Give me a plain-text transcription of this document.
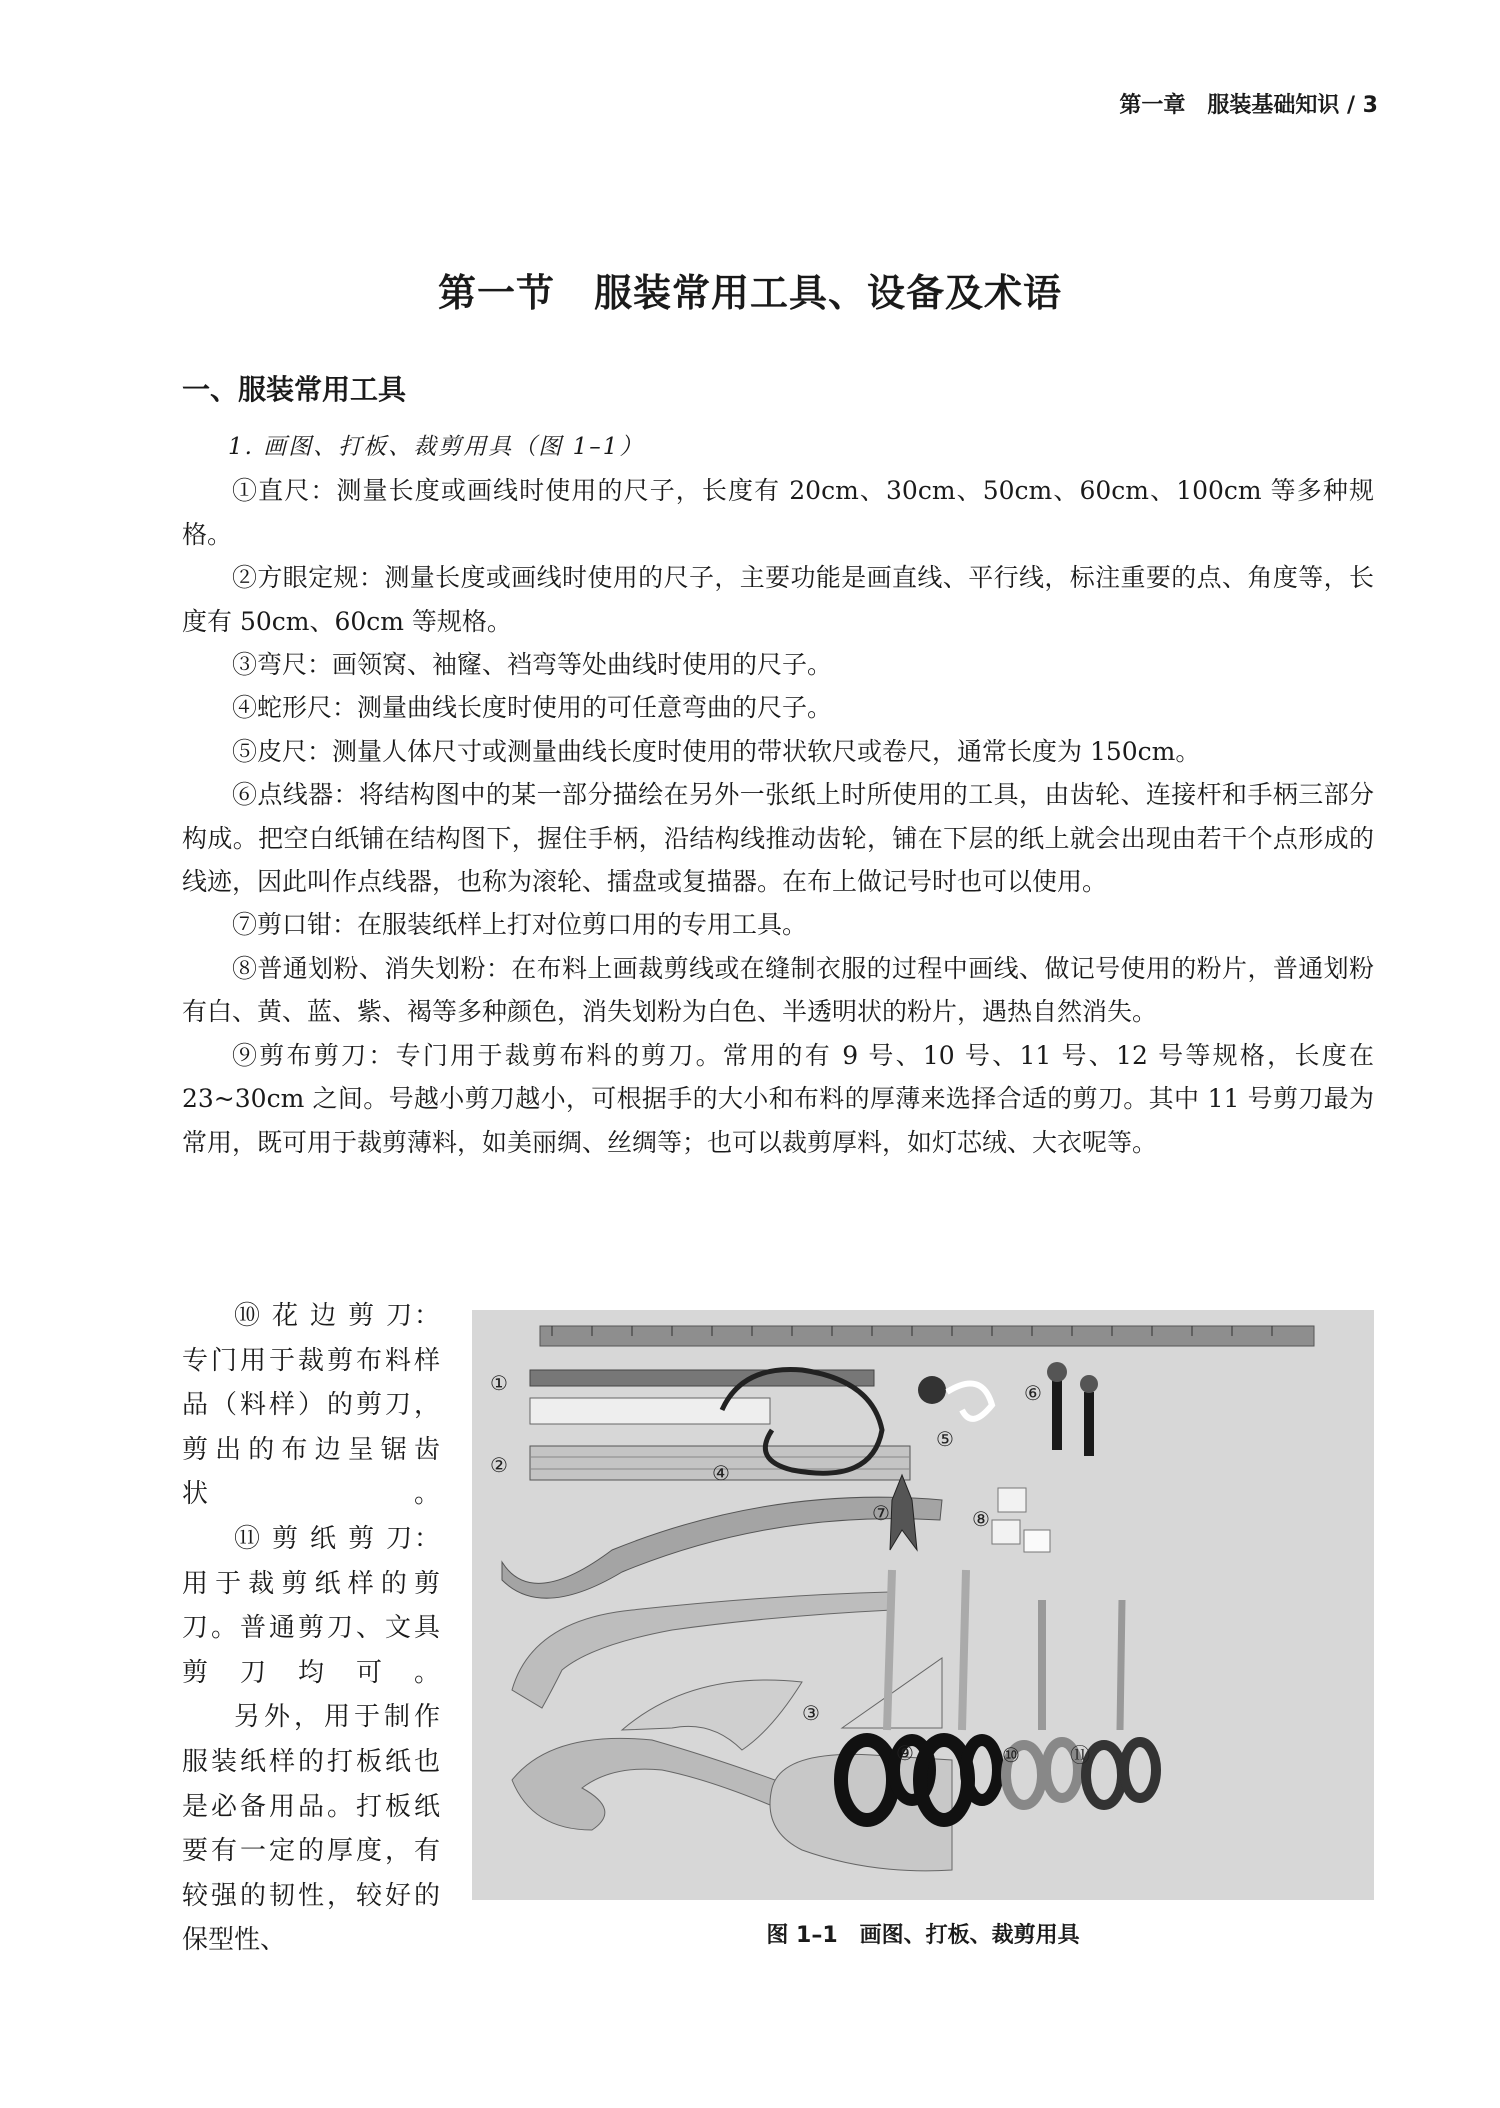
第一章　服装基础知识 / 3
第一节　服装常用工具、设备及术语
一、服装常用工具

1. 画图、打板、裁剪用具（图 1–1）

①直尺：测量长度或画线时使用的尺子，长度有 20cm、30cm、50cm、60cm、100cm 等多种规格。

②方眼定规：测量长度或画线时使用的尺子，主要功能是画直线、平行线，标注重要的点、角度等，长度有 50cm、60cm 等规格。

③弯尺：画领窝、袖窿、裆弯等处曲线时使用的尺子。

④蛇形尺：测量曲线长度时使用的可任意弯曲的尺子。

⑤皮尺：测量人体尺寸或测量曲线长度时使用的带状软尺或卷尺，通常长度为 150cm。

⑥点线器：将结构图中的某一部分描绘在另外一张纸上时所使用的工具，由齿轮、连接杆和手柄三部分构成。把空白纸铺在结构图下，握住手柄，沿结构线推动齿轮，铺在下层的纸上就会出现由若干个点形成的线迹，因此叫作点线器，也称为滚轮、擂盘或复描器。在布上做记号时也可以使用。

⑦剪口钳：在服装纸样上打对位剪口用的专用工具。

⑧普通划粉、消失划粉：在布料上画裁剪线或在缝制衣服的过程中画线、做记号使用的粉片，普通划粉有白、黄、蓝、紫、褐等多种颜色，消失划粉为白色、半透明状的粉片，遇热自然消失。

⑨剪布剪刀：专门用于裁剪布料的剪刀。常用的有 9 号、10 号、11 号、12 号等规格，长度在 23~30cm 之间。号越小剪刀越小，可根据手的大小和布料的厚薄来选择合适的剪刀。其中 11 号剪刀最为常用，既可用于裁剪薄料，如美丽绸、丝绸等；也可以裁剪厚料，如灯芯绒、大衣呢等。

⑩ 花 边 剪 刀：专门用于裁剪布料样品（料样）的剪刀，剪出的布边呈锯齿状。

⑪ 剪 纸 剪 刀：用于裁剪纸样的剪刀。普通剪刀、文具剪刀均可。

另外，用于制作服装纸样的打板纸也是必备用品。打板纸要有一定的厚度，有较强的韧性，较好的保型性、

①
②
③
④
⑤
⑥
⑦	⑧
⑨	⑩	⑪
图 1–1　画图、打板、裁剪用具
